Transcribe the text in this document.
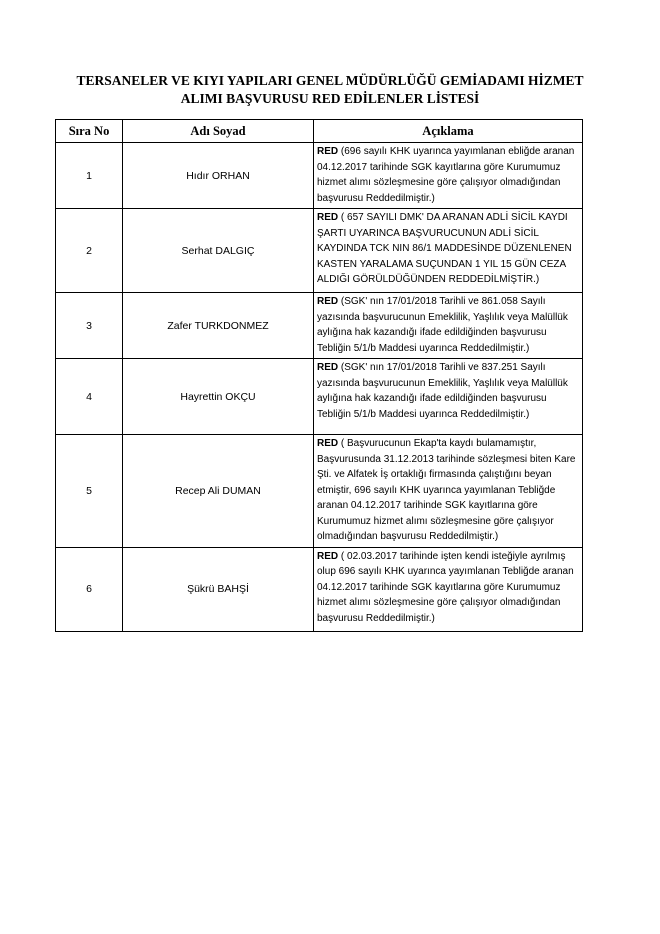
TERSANELER VE KIYI YAPILARI GENEL MÜDÜRLÜĞÜ GEMİADAMI HİZMET
ALIMI BAŞVURUSU RED EDİLENLER LİSTESİ
Sıra No	Adı Soyad	Açıklama
1	Hıdır ORHAN	RED (696 sayılı KHK uyarınca yayımlanan ebliğde aranan 04.12.2017 tarihinde SGK kayıtlarına göre Kurumumuz hizmet alımı sözleşmesine göre çalışıyor olmadığından başvurusu Reddedilmiştir.)
2	Serhat DALGIÇ	RED ( 657 SAYILI DMK' DA ARANAN ADLİ SİCİL KAYDI ŞARTI UYARINCA BAŞVURUCUNUN ADLİ SİCİL KAYDINDA TCK NIN 86/1 MADDESİNDE DÜZENLENEN KASTEN YARALAMA SUÇUNDAN 1 YIL 15 GÜN CEZA ALDIĞI GÖRÜLDÜĞÜNDEN REDDEDİLMİŞTİR.)
3	Zafer TURKDONMEZ	RED (SGK' nın 17/01/2018 Tarihli ve 861.058 Sayılı yazısında başvurucunun Emeklilik, Yaşlılık veya Malüllük aylığına hak kazandığı ifade edildiğinden başvurusu Tebliğin 5/1/b Maddesi uyarınca Reddedilmiştir.)
4	Hayrettin OKÇU	RED (SGK' nın 17/01/2018 Tarihli ve 837.251 Sayılı yazısında başvurucunun Emeklilik, Yaşlılık veya Malüllük aylığına hak kazandığı ifade edildiğinden başvurusu Tebliğin 5/1/b Maddesi uyarınca Reddedilmiştir.)
5	Recep Ali DUMAN	RED ( Başvurucunun Ekap'ta kaydı bulamamıştır, Başvurusunda 31.12.2013 tarihinde sözleşmesi biten Kare Şti. ve Alfatek İş ortaklığı firmasında çalıştığını beyan etmiştir, 696 sayılı KHK uyarınca yayımlanan Tebliğde aranan 04.12.2017 tarihinde SGK kayıtlarına göre Kurumumuz hizmet alımı sözleşmesine göre çalışıyor olmadığından başvurusu Reddedilmiştir.)
6	Şükrü BAHŞİ	RED ( 02.03.2017 tarihinde işten kendi isteğiyle ayrılmış olup 696 sayılı KHK uyarınca yayımlanan Tebliğde aranan 04.12.2017 tarihinde SGK kayıtlarına göre Kurumumuz hizmet alımı sözleşmesine göre çalışıyor olmadığından başvurusu Reddedilmiştir.)
